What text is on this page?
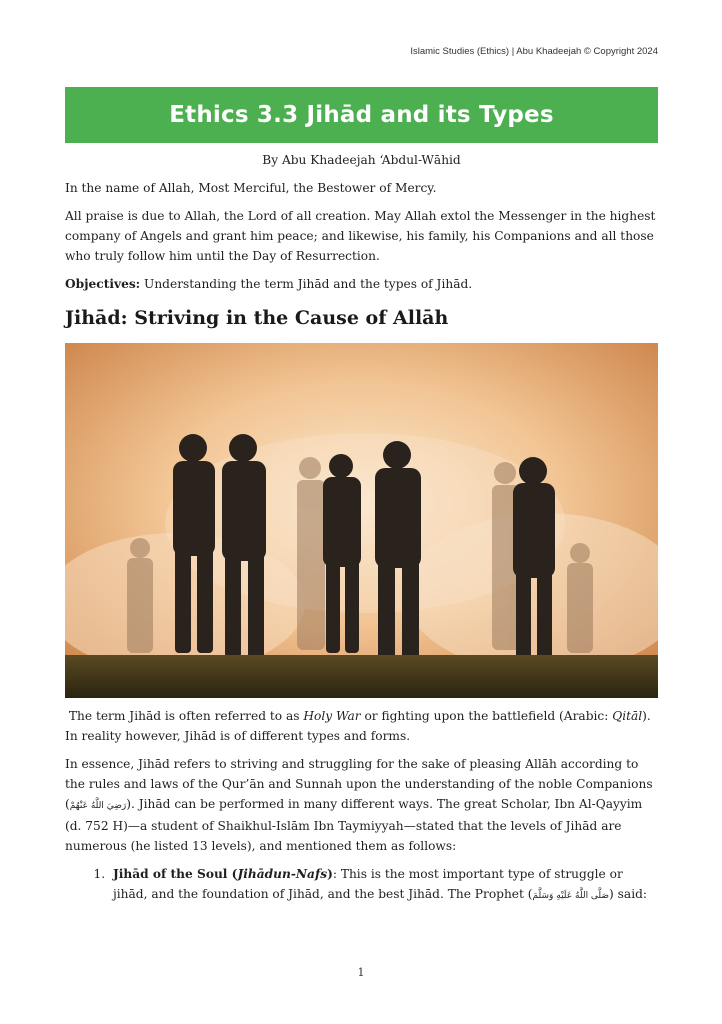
Islamic Studies (Ethics) | Abu Khadeejah © Copyright 2024
Ethics 3.3 Jihād and its Types

By Abu Khadeejah ‘Abdul-Wāhid

In the name of Allah, Most Merciful, the Bestower of Mercy.

All praise is due to Allah, the Lord of all creation. May Allah extol the Messenger in the highest company of Angels and grant him peace; and likewise, his family, his Companions and all those who truly follow him until the Day of Resurrection.

Objectives: Understanding the term Jihād and the types of Jihād.

Jihād: Striving in the Cause of Allāh

The term Jihād is often referred to as Holy War or fighting upon the battlefield (Arabic: Qitāl). In reality however, Jihād is of different types and forms.

In essence, Jihād refers to striving and struggling for the sake of pleasing Allāh according to the rules and laws of the Qur’ān and Sunnah upon the understanding of the noble Companions (رَضِيَ اللَّهُ عَنْهُمْ). Jihād can be performed in many different ways. The great Scholar, Ibn Al-Qayyim (d. 752 H)—a student of Shaikhul-Islām Ibn Taymiyyah—stated that the levels of Jihād are numerous (he listed 13 levels), and mentioned them as follows:

1. Jihād of the Soul (Jihādun-Nafs): This is the most important type of struggle or jihād, and the foundation of Jihād, and the best Jihād. The Prophet (صَلَّى اللَّهُ عَلَيْهِ وَسَلَّمَ) said:
1
